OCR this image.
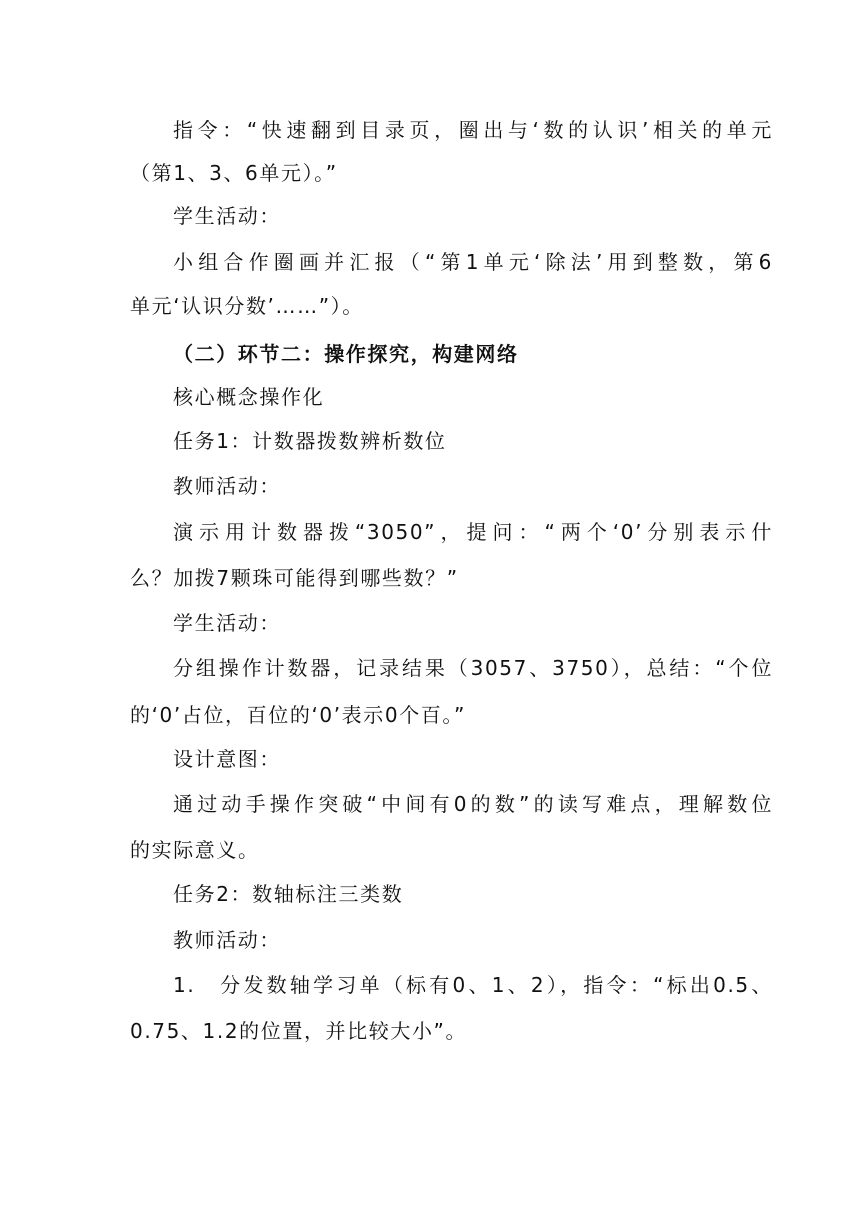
指令：“快速翻到目录页，圈出与‘数的认识’相关的单元
（第1、3、6单元）。”
学生活动：
小组合作圈画并汇报（“第1单元‘除法’用到整数，第6
单元‘认识分数’……”）。
（二）环节二：操作探究，构建网络
核心概念操作化
任务1：计数器拨数辨析数位
教师活动：
演示用计数器拨“3050”，提问：“两个‘0’分别表示什
么？加拨7颗珠可能得到哪些数？”
学生活动：
分组操作计数器，记录结果（3057、3750），总结：“个位
的‘0’占位，百位的‘0’表示0个百。”
设计意图：
通过动手操作突破“中间有0的数”的读写难点，理解数位
的实际意义。
任务2：数轴标注三类数
教师活动：
1.　分发数轴学习单（标有0、1、2），指令：“标出0.5、
0.75、1.2的位置，并比较大小”。
